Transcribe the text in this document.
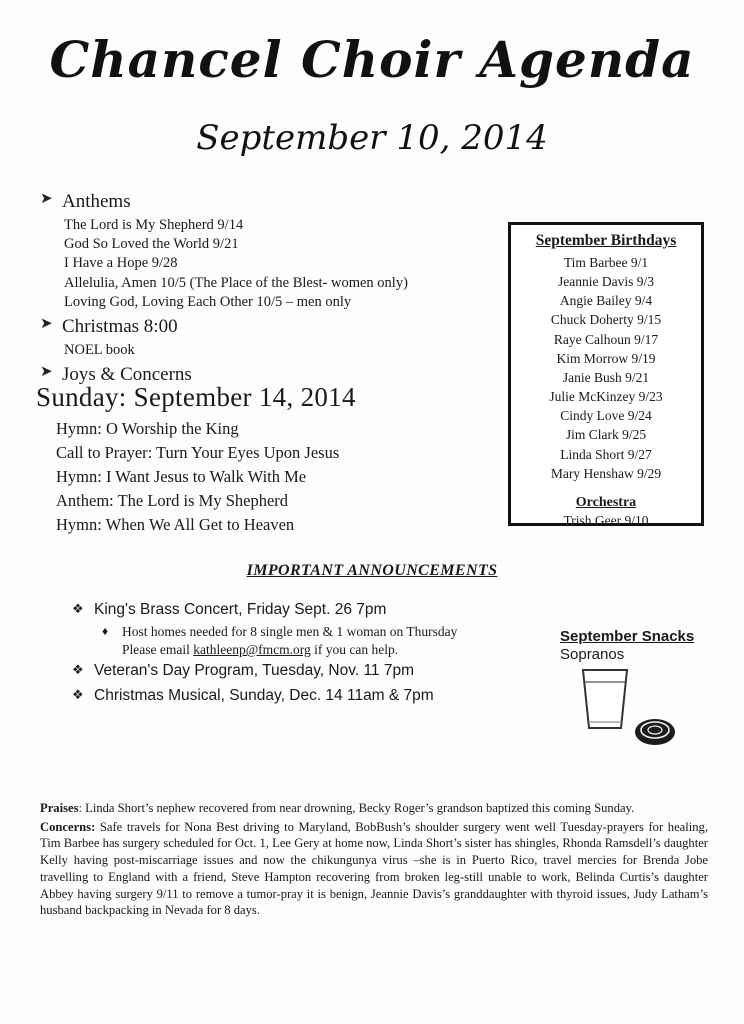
Chancel Choir Agenda
September 10, 2014
➤ Anthems
The Lord is My Shepherd 9/14
God So Loved the World 9/21
I Have a Hope 9/28
Allelulia, Amen 10/5 (The Place of the Blest- women only)
Loving God, Loving Each Other 10/5 – men only
➤ Christmas 8:00
NOEL book
➤ Joys & Concerns
Sunday: September 14, 2014
Hymn: O Worship the King
Call to Prayer: Turn Your Eyes Upon Jesus
Hymn: I Want Jesus to Walk With Me
Anthem: The Lord is My Shepherd
Hymn: When We All Get to Heaven
September Birthdays
Tim Barbee 9/1
Jeannie Davis 9/3
Angie Bailey 9/4
Chuck Doherty 9/15
Raye Calhoun 9/17
Kim Morrow 9/19
Janie Bush 9/21
Julie McKinzey 9/23
Cindy Love 9/24
Jim Clark 9/25
Linda Short 9/27
Mary Henshaw 9/29
Orchestra
Trish Geer 9/10
IMPORTANT ANNOUNCEMENTS
❖ King's Brass Concert, Friday Sept. 26 7pm
♦ Host homes needed for 8 single men & 1 woman on Thursday
Please email kathleenp@fmcm.org if you can help.
❖ Veteran's Day Program, Tuesday, Nov. 11 7pm
❖ Christmas Musical, Sunday, Dec. 14 11am & 7pm
September Snacks
Sopranos

Praises: Linda Short’s nephew recovered from near drowning, Becky Roger’s grandson baptized this coming Sunday.

Concerns: Safe travels for Nona Best driving to Maryland, BobBush’s shoulder surgery went well Tuesday-prayers for healing, Tim Barbee has surgery scheduled for Oct. 1, Lee Gery at home now, Linda Short’s sister has shingles, Rhonda Ramsdell’s daughter Kelly having post-miscarriage issues and now the chikungunya virus –she is in Puerto Rico, travel mercies for Brenda Jobe travelling to England with a friend, Steve Hampton recovering from broken leg-still unable to work, Belinda Curtis’s daughter Abbey having surgery 9/11 to remove a tumor-pray it is benign, Jeannie Davis’s granddaughter with thyroid issues, Judy Latham’s husband backpacking in Nevada for 8 days.
